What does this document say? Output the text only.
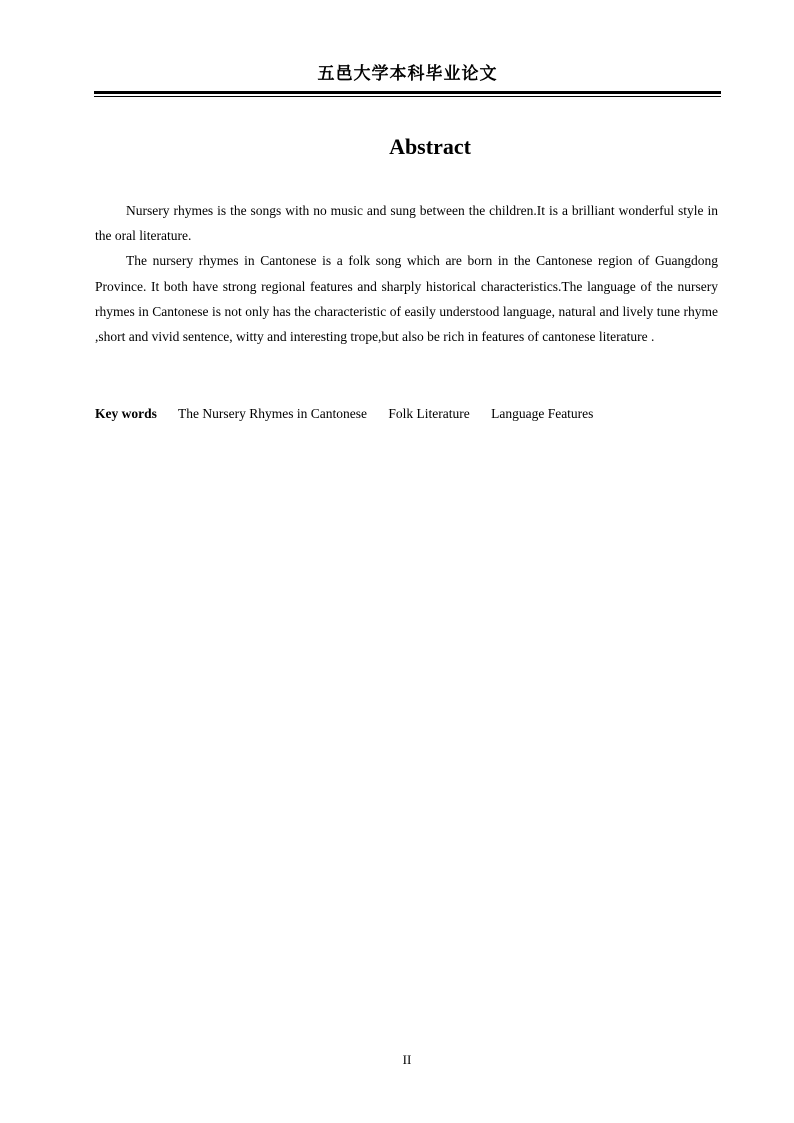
五邑大学本科毕业论文
Abstract

Nursery rhymes is the songs with no music and sung between the children.It is a brilliant wonderful style in the oral literature.

The nursery rhymes in Cantonese is a folk song which are born in the Cantonese region of Guangdong Province. It both have strong regional features and sharply historical characteristics.The language of the nursery rhymes in Cantonese is not only has the characteristic of easily understood language, natural and lively tune rhyme ,short and vivid sentence, witty and interesting trope,but also be rich in features of cantonese literature .

Key words The Nursery Rhymes in Cantonese Folk Literature Language Features
II
